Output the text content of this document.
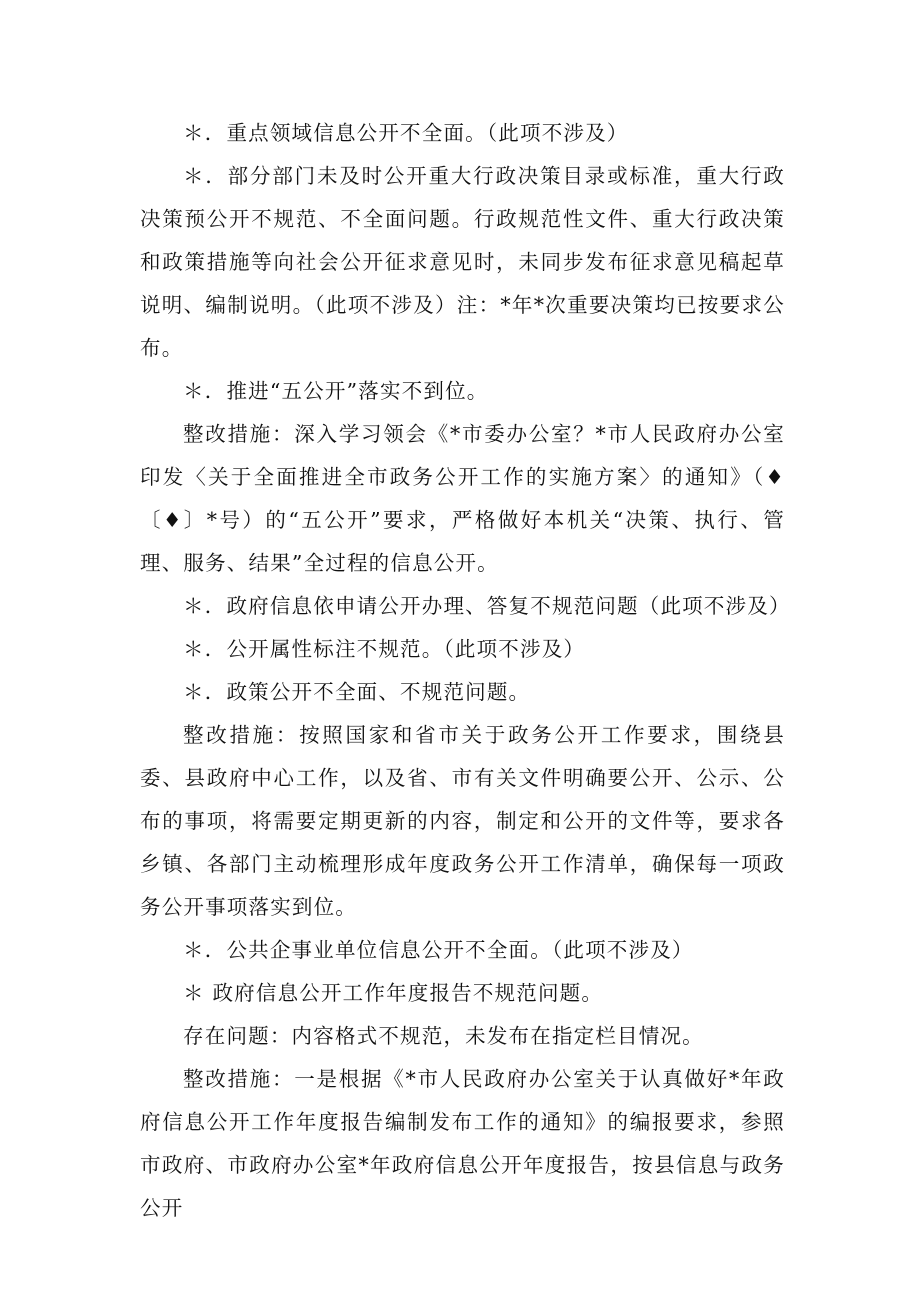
＊．重点领域信息公开不全面。（此项不涉及）

＊．部分部门未及时公开重大行政决策目录或标准，重大行政决策预公开不规范、不全面问题。行政规范性文件、重大行政决策和政策措施等向社会公开征求意见时，未同步发布征求意见稿起草说明、编制说明。（此项不涉及）注：*年*次重要决策均已按要求公布。

＊．推进“五公开”落实不到位。

整改措施：深入学习领会《*市委办公室？*市人民政府办公室印发〈关于全面推进全市政务公开工作的实施方案〉的通知》（♦〔♦〕*号）的“五公开”要求，严格做好本机关“决策、执行、管理、服务、结果”全过程的信息公开。

＊．政府信息依申请公开办理、答复不规范问题（此项不涉及）

＊．公开属性标注不规范。（此项不涉及）

＊．政策公开不全面、不规范问题。

整改措施：按照国家和省市关于政务公开工作要求，围绕县委、县政府中心工作，以及省、市有关文件明确要公开、公示、公布的事项，将需要定期更新的内容，制定和公开的文件等，要求各乡镇、各部门主动梳理形成年度政务公开工作清单，确保每一项政务公开事项落实到位。

＊．公共企事业单位信息公开不全面。（此项不涉及）

＊ 政府信息公开工作年度报告不规范问题。

存在问题：内容格式不规范，未发布在指定栏目情况。

整改措施：一是根据《*市人民政府办公室关于认真做好*年政府信息公开工作年度报告编制发布工作的通知》的编报要求，参照市政府、市政府办公室*年政府信息公开年度报告，按县信息与政务公开
